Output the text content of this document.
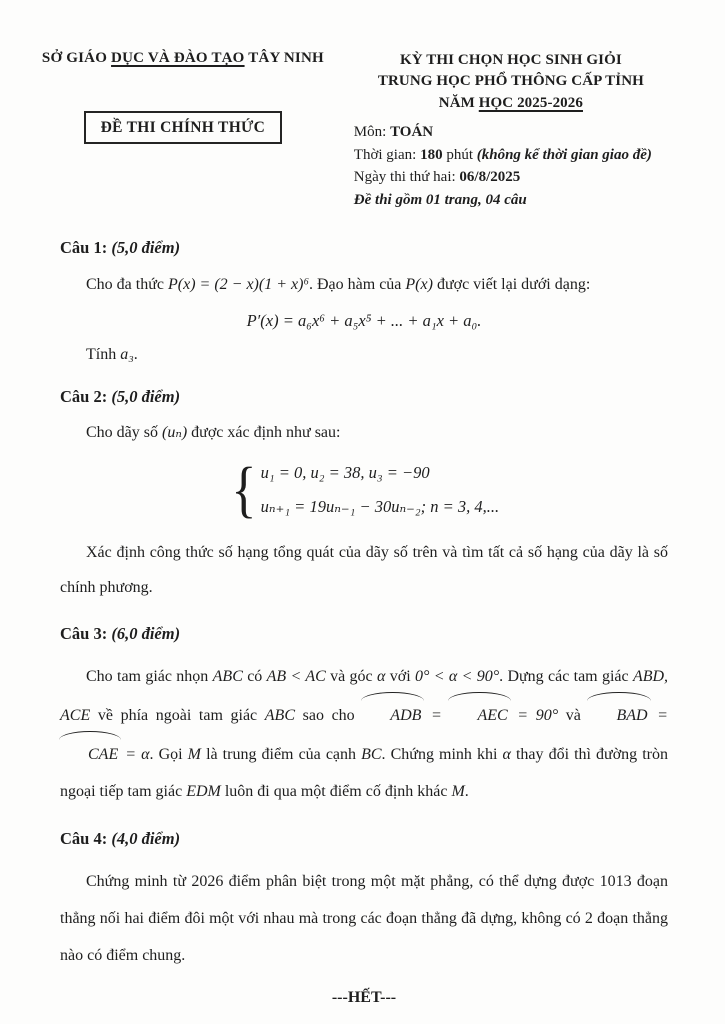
SỞ GIÁO DỤC VÀ ĐÀO TẠO TÂY NINH
ĐỀ THI CHÍNH THỨC
KỲ THI CHỌN HỌC SINH GIỎI
TRUNG HỌC PHỔ THÔNG CẤP TỈNH
NĂM HỌC 2025-2026
Môn: TOÁN
Thời gian: 180 phút (không kể thời gian giao đề)
Ngày thi thứ hai: 06/8/2025
Đề thi gồm 01 trang, 04 câu
Câu 1: (5,0 điểm)

Cho đa thức P(x) = (2 − x)(1 + x)⁶. Đạo hàm của P(x) được viết lại dưới dạng:

P′(x) = a₆x⁶ + a₅x⁵ + ... + a₁x + a₀.

Tính a₃.

Câu 2: (5,0 điểm)

Cho dãy số (uₙ) được xác định như sau:

{ u₁ = 0, u₂ = 38, u₃ = −90
uₙ₊₁ = 19uₙ₋₁ − 30uₙ₋₂; n = 3, 4,...

Xác định công thức số hạng tổng quát của dãy số trên và tìm tất cả số hạng của dãy là số chính phương.

Câu 3: (6,0 điểm)

Cho tam giác nhọn ABC có AB < AC và góc α với 0° < α < 90°. Dựng các tam giác ABD, ACE về phía ngoài tam giác ABC sao cho ADB = AEC = 90° và BAD = CAE = α. Gọi M là trung điểm của cạnh BC. Chứng minh khi α thay đổi thì đường tròn ngoại tiếp tam giác EDM luôn đi qua một điểm cố định khác M.

Câu 4: (4,0 điểm)

Chứng minh từ 2026 điểm phân biệt trong một mặt phẳng, có thể dựng được 1013 đoạn thẳng nối hai điểm đôi một với nhau mà trong các đoạn thẳng đã dựng, không có 2 đoạn thẳng nào có điểm chung.

---HẾT---
